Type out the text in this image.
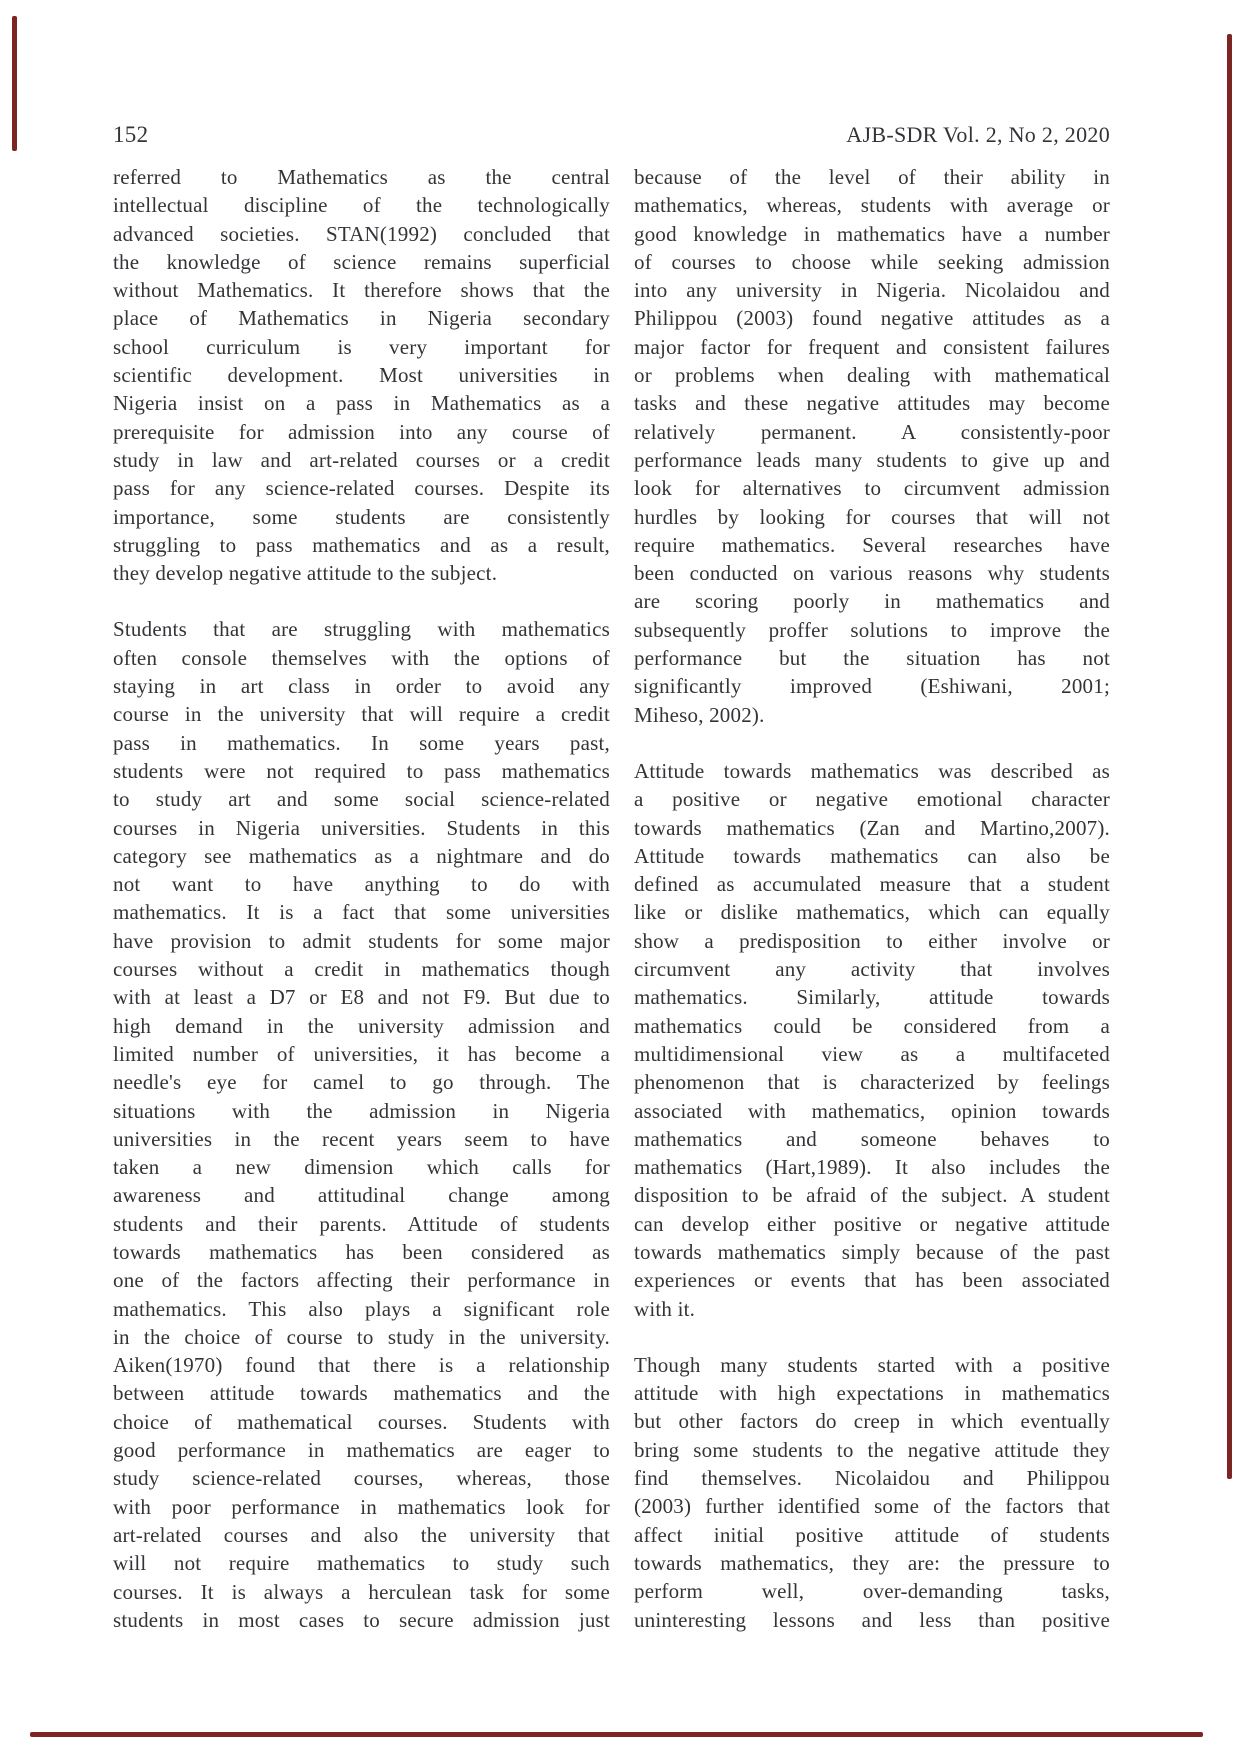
152	AJB-SDR Vol. 2, No 2, 2020
referred to Mathematics as the central
intellectual discipline of the technologically
advanced societies. STAN(1992) concluded that
the knowledge of science remains superficial
without Mathematics. It therefore shows that the
place of Mathematics in Nigeria secondary
school curriculum is very important for
scientific development. Most universities in
Nigeria insist on a pass in Mathematics as a
prerequisite for admission into any course of
study in law and art-related courses or a credit
pass for any science-related courses. Despite its
importance, some students are consistently
struggling to pass mathematics and as a result,
they develop negative attitude to the subject.
Students that are struggling with mathematics
often console themselves with the options of
staying in art class in order to avoid any
course in the university that will require a credit
pass in mathematics. In some years past,
students were not required to pass mathematics
to study art and some social science-related
courses in Nigeria universities. Students in this
category see mathematics as a nightmare and do
not want to have anything to do with
mathematics. It is a fact that some universities
have provision to admit students for some major
courses without a credit in mathematics though
with at least a D7 or E8 and not F9. But due to
high demand in the university admission and
limited number of universities, it has become a
needle's eye for camel to go through. The
situations with the admission in Nigeria
universities in the recent years seem to have
taken a new dimension which calls for
awareness and attitudinal change among
students and their parents. Attitude of students
towards mathematics has been considered as
one of the factors affecting their performance in
mathematics. This also plays a significant role
in the choice of course to study in the university.
Aiken(1970) found that there is a relationship
between attitude towards mathematics and the
choice of mathematical courses. Students with
good performance in mathematics are eager to
study science-related courses, whereas, those
with poor performance in mathematics look for
art-related courses and also the university that
will not require mathematics to study such
courses. It is always a herculean task for some
students in most cases to secure admission just
because of the level of their ability in
mathematics, whereas, students with average or
good knowledge in mathematics have a number
of courses to choose while seeking admission
into any university in Nigeria. Nicolaidou and
Philippou (2003) found negative attitudes as a
major factor for frequent and consistent failures
or problems when dealing with mathematical
tasks and these negative attitudes may become
relatively permanent. A consistently-poor
performance leads many students to give up and
look for alternatives to circumvent admission
hurdles by looking for courses that will not
require mathematics. Several researches have
been conducted on various reasons why students
are scoring poorly in mathematics and
subsequently proffer solutions to improve the
performance but the situation has not
significantly improved (Eshiwani, 2001;
Miheso, 2002).
Attitude towards mathematics was described as
a positive or negative emotional character
towards mathematics (Zan and Martino,2007).
Attitude towards mathematics can also be
defined as accumulated measure that a student
like or dislike mathematics, which can equally
show a predisposition to either involve or
circumvent any activity that involves
mathematics. Similarly, attitude towards
mathematics could be considered from a
multidimensional view as a multifaceted
phenomenon that is characterized by feelings
associated with mathematics, opinion towards
mathematics and someone behaves to
mathematics (Hart,1989). It also includes the
disposition to be afraid of the subject. A student
can develop either positive or negative attitude
towards mathematics simply because of the past
experiences or events that has been associated
with it.
Though many students started with a positive
attitude with high expectations in mathematics
but other factors do creep in which eventually
bring some students to the negative attitude they
find themselves. Nicolaidou and Philippou
(2003) further identified some of the factors that
affect initial positive attitude of students
towards mathematics, they are: the pressure to
perform well, over-demanding tasks,
uninteresting lessons and less than positive
